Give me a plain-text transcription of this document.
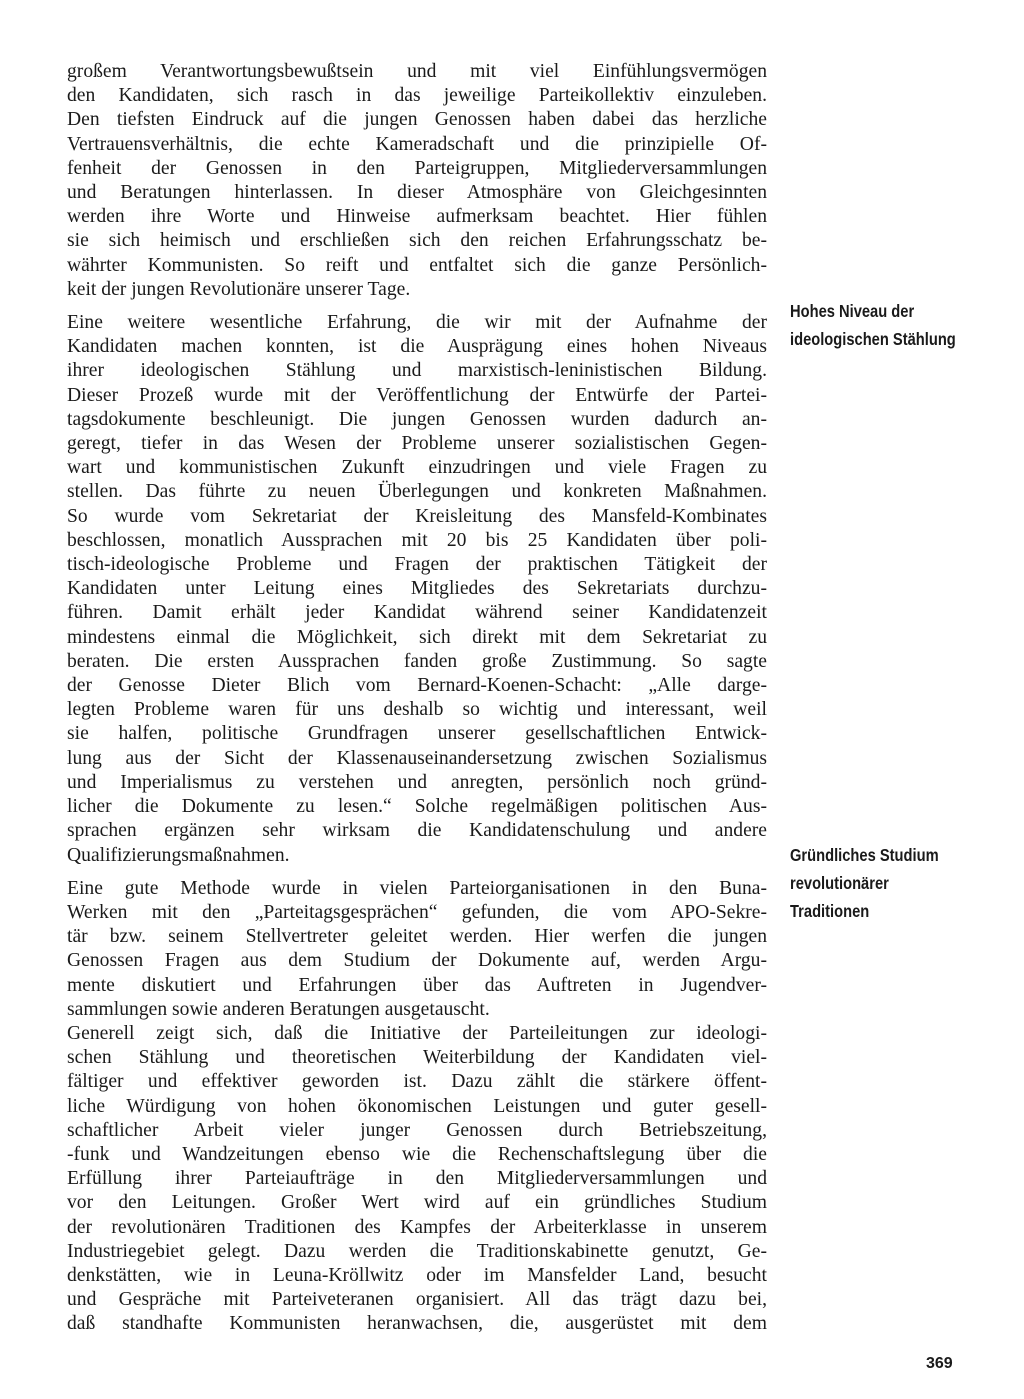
großem Verantwortungsbewußtsein und mit viel Einfühlungsvermögen
den Kandidaten, sich rasch in das jeweilige Parteikollektiv einzuleben.
Den tiefsten Eindruck auf die jungen Genossen haben dabei das herzliche
Vertrauensverhältnis, die echte Kameradschaft und die prinzipielle Of-
fenheit der Genossen in den Parteigruppen, Mitgliederversammlungen
und Beratungen hinterlassen. In dieser Atmosphäre von Gleichgesinnten
werden ihre Worte und Hinweise aufmerksam beachtet. Hier fühlen
sie sich heimisch und erschließen sich den reichen Erfahrungsschatz be-
währter Kommunisten. So reift und entfaltet sich die ganze Persönlich-
keit der jungen Revolutionäre unserer Tage.

Eine weitere wesentliche Erfahrung, die wir mit der Aufnahme der
Kandidaten machen konnten, ist die Ausprägung eines hohen Niveaus
ihrer ideologischen Stählung und marxistisch-leninistischen Bildung.
Dieser Prozeß wurde mit der Veröffentlichung der Entwürfe der Partei-
tagsdokumente beschleunigt. Die jungen Genossen wurden dadurch an-
geregt, tiefer in das Wesen der Probleme unserer sozialistischen Gegen-
wart und kommunistischen Zukunft einzudringen und viele Fragen zu
stellen. Das führte zu neuen Überlegungen und konkreten Maßnahmen.
So wurde vom Sekretariat der Kreisleitung des Mansfeld-Kombinates
beschlossen, monatlich Aussprachen mit 20 bis 25 Kandidaten über poli-
tisch-ideologische Probleme und Fragen der praktischen Tätigkeit der
Kandidaten unter Leitung eines Mitgliedes des Sekretariats durchzu-
führen. Damit erhält jeder Kandidat während seiner Kandidatenzeit
mindestens einmal die Möglichkeit, sich direkt mit dem Sekretariat zu
beraten. Die ersten Aussprachen fanden große Zustimmung. So sagte
der Genosse Dieter Blich vom Bernard-Koenen-Schacht: „Alle darge-
legten Probleme waren für uns deshalb so wichtig und interessant, weil
sie halfen, politische Grundfragen unserer gesellschaftlichen Entwick-
lung aus der Sicht der Klassenauseinandersetzung zwischen Sozialismus
und Imperialismus zu verstehen und anregten, persönlich noch gründ-
licher die Dokumente zu lesen.“ Solche regelmäßigen politischen Aus-
sprachen ergänzen sehr wirksam die Kandidatenschulung und andere
Qualifizierungsmaßnahmen.

Eine gute Methode wurde in vielen Parteiorganisationen in den Buna-
Werken mit den „Parteitagsgesprächen“ gefunden, die vom APO-Sekre-
tär bzw. seinem Stellvertreter geleitet werden. Hier werfen die jungen
Genossen Fragen aus dem Studium der Dokumente auf, werden Argu-
mente diskutiert und Erfahrungen über das Auftreten in Jugendver-
sammlungen sowie anderen Beratungen ausgetauscht.

Generell zeigt sich, daß die Initiative der Parteileitungen zur ideologi-
schen Stählung und theoretischen Weiterbildung der Kandidaten viel-
fältiger und effektiver geworden ist. Dazu zählt die stärkere öffent-
liche Würdigung von hohen ökonomischen Leistungen und guter gesell-
schaftlicher Arbeit vieler junger Genossen durch Betriebszeitung,
-funk und Wandzeitungen ebenso wie die Rechenschaftslegung über die
Erfüllung ihrer Parteiaufträge in den Mitgliederversammlungen und
vor den Leitungen. Großer Wert wird auf ein gründliches Studium
der revolutionären Traditionen des Kampfes der Arbeiterklasse in unserem
Industriegebiet gelegt. Dazu werden die Traditionskabinette genutzt, Ge-
denkstätten, wie in Leuna-Kröllwitz oder im Mansfelder Land, besucht
und Gespräche mit Parteiveteranen organisiert. All das trägt dazu bei,
daß standhafte Kommunisten heranwachsen, die, ausgerüstet mit dem

Hohes Niveau der
ideologischen Stählung
Gründliches Studium
revolutionärer
Traditionen
369
